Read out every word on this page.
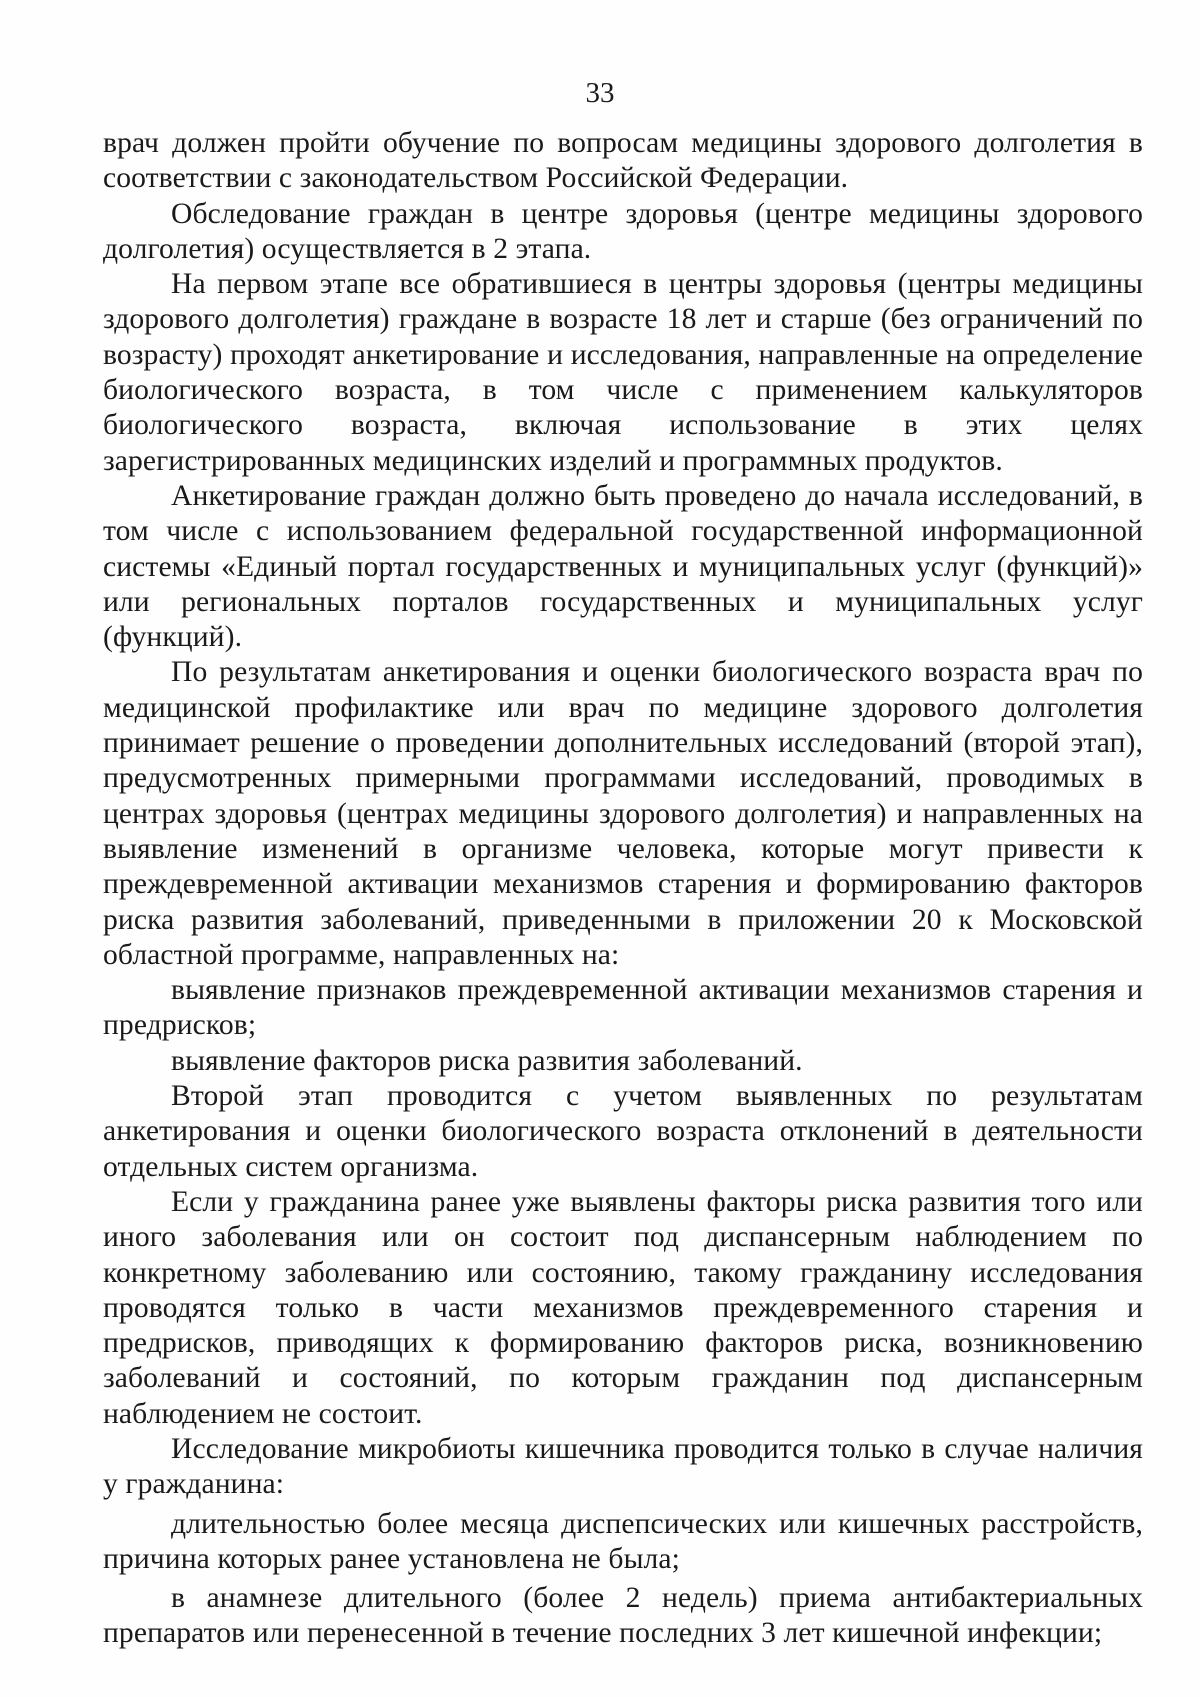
33

врач должен пройти обучение по вопросам медицины здорового долголетия в соответствии с законодательством Российской Федерации.

Обследование граждан в центре здоровья (центре медицины здорового долголетия) осуществляется в 2 этапа.

На первом этапе все обратившиеся в центры здоровья (центры медицины здорового долголетия) граждане в возрасте 18 лет и старше (без ограничений по возрасту) проходят анкетирование и исследования, направленные на определение биологического возраста, в том числе с применением калькуляторов биологического возраста, включая использование в этих целях зарегистрированных медицинских изделий и программных продуктов.

Анкетирование граждан должно быть проведено до начала исследований, в том числе с использованием федеральной государственной информационной системы «Единый портал государственных и муниципальных услуг (функций)» или региональных порталов государственных и муниципальных услуг (функций).

По результатам анкетирования и оценки биологического возраста врач по медицинской профилактике или врач по медицине здорового долголетия принимает решение о проведении дополнительных исследований (второй этап), предусмотренных примерными программами исследований, проводимых в центрах здоровья (центрах медицины здорового долголетия) и направленных на выявление изменений в организме человека, которые могут привести к преждевременной активации механизмов старения и формированию факторов риска развития заболеваний, приведенными в приложении 20 к Московской областной программе, направленных на:

выявление признаков преждевременной активации механизмов старения и предрисков;

выявление факторов риска развития заболеваний.

Второй этап проводится с учетом выявленных по результатам анкетирования и оценки биологического возраста отклонений в деятельности отдельных систем организма.

Если у гражданина ранее уже выявлены факторы риска развития того или иного заболевания или он состоит под диспансерным наблюдением по конкретному заболеванию или состоянию, такому гражданину исследования проводятся только в части механизмов преждевременного старения и предрисков, приводящих к формированию факторов риска, возникновению заболеваний и состояний, по которым гражданин под диспансерным наблюдением не состоит.

Исследование микробиоты кишечника проводится только в случае наличия у гражданина:

длительностью более месяца диспепсических или кишечных расстройств, причина которых ранее установлена не была;

в анамнезе длительного (более 2 недель) приема антибактериальных препаратов или перенесенной в течение последних 3 лет кишечной инфекции;
